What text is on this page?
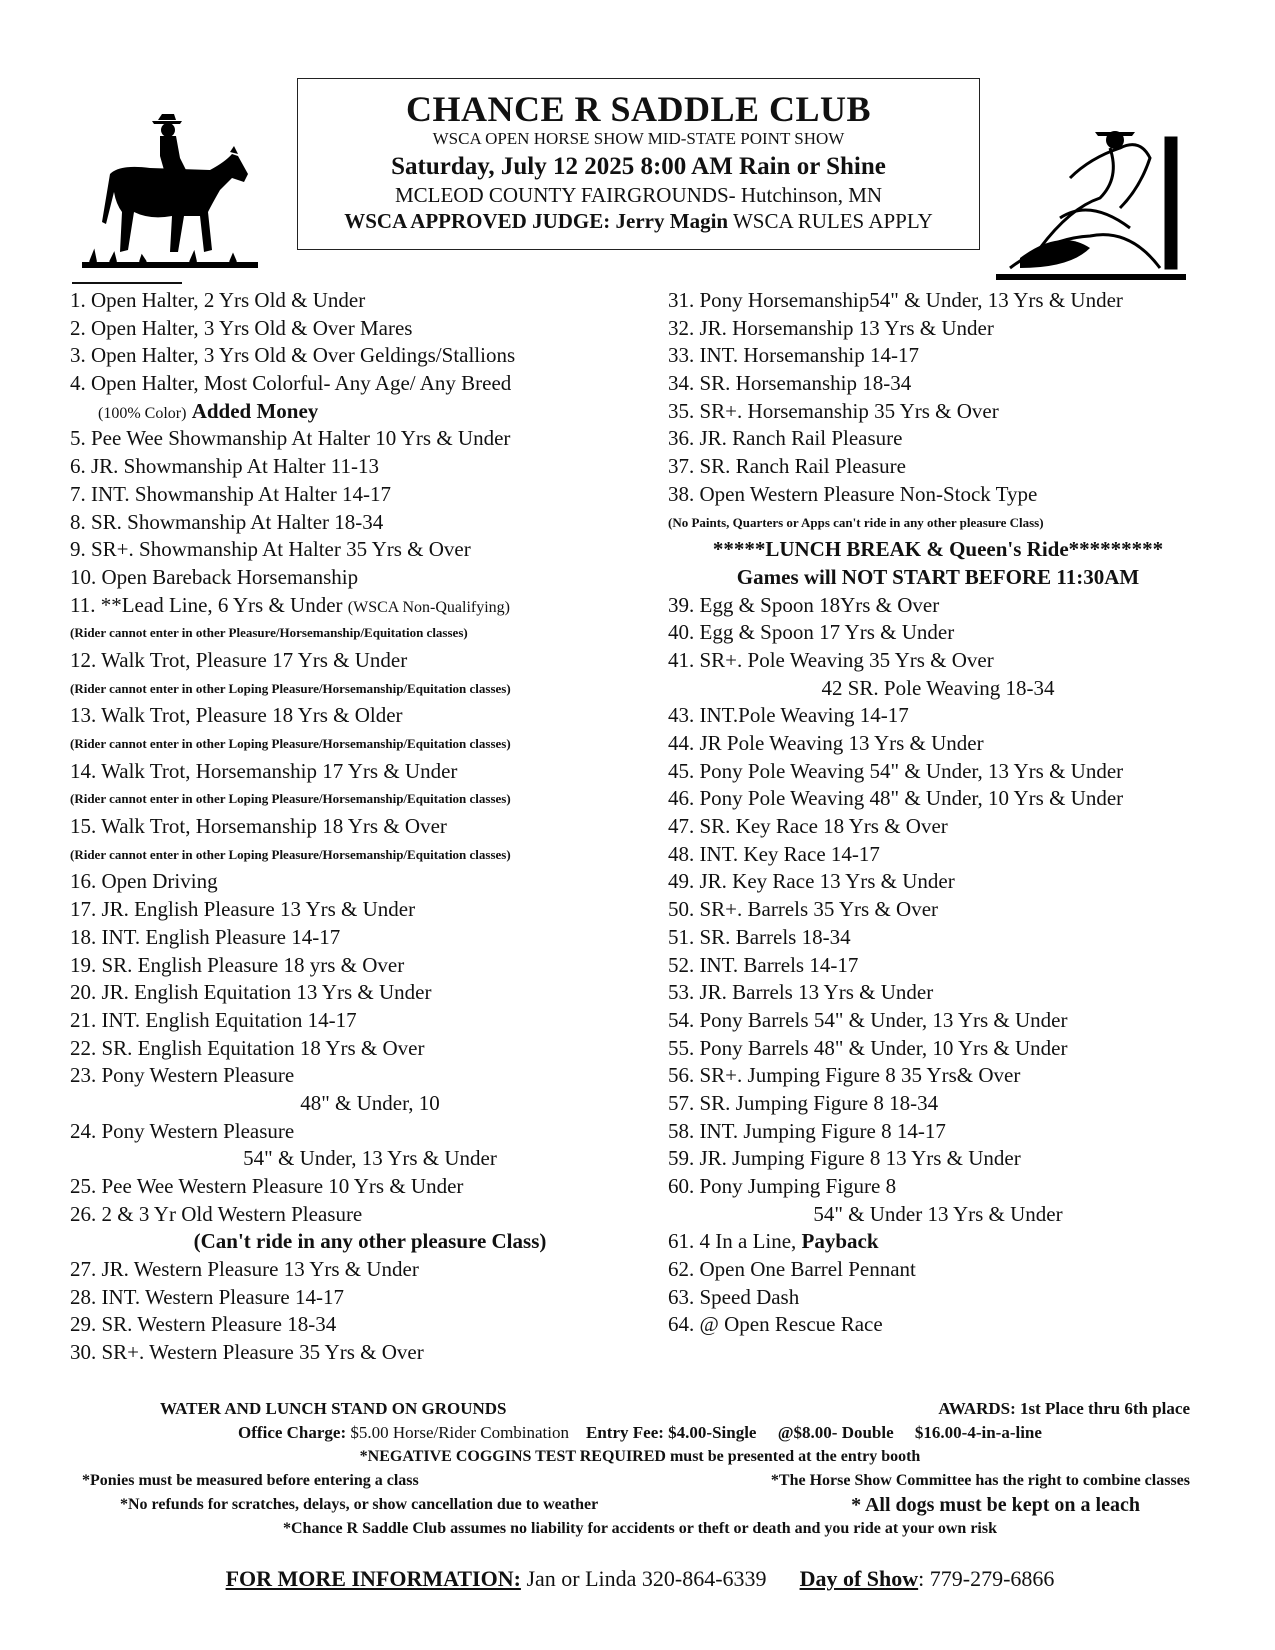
CHANCE R SADDLE CLUB
WSCA OPEN HORSE SHOW MID-STATE POINT SHOW
Saturday, July 12 2025 8:00 AM Rain or Shine
MCLEOD COUNTY FAIRGROUNDS- Hutchinson, MN
WSCA APPROVED JUDGE: Jerry Magin WSCA RULES APPLY
1. Open Halter, 2 Yrs Old & Under
2. Open Halter, 3 Yrs Old & Over Mares
3. Open Halter, 3 Yrs Old & Over Geldings/Stallions
4. Open Halter, Most Colorful- Any Age/ Any Breed
(100% Color) Added Money
5. Pee Wee Showmanship At Halter 10 Yrs & Under
6. JR. Showmanship At Halter 11-13
7. INT. Showmanship At Halter 14-17
8. SR. Showmanship At Halter 18-34
9. SR+. Showmanship At Halter 35 Yrs & Over
10. Open Bareback Horsemanship
11. **Lead Line, 6 Yrs & Under (WSCA Non-Qualifying)
(Rider cannot enter in other Pleasure/Horsemanship/Equitation classes)
12. Walk Trot, Pleasure 17 Yrs & Under
(Rider cannot enter in other Loping Pleasure/Horsemanship/Equitation classes)
13. Walk Trot, Pleasure 18 Yrs & Older
(Rider cannot enter in other Loping Pleasure/Horsemanship/Equitation classes)
14. Walk Trot, Horsemanship 17 Yrs & Under
(Rider cannot enter in other Loping Pleasure/Horsemanship/Equitation classes)
15. Walk Trot, Horsemanship 18 Yrs & Over
(Rider cannot enter in other Loping Pleasure/Horsemanship/Equitation classes)
16. Open Driving
17. JR. English Pleasure 13 Yrs & Under
18. INT. English Pleasure 14-17
19. SR. English Pleasure 18 yrs & Over
20. JR. English Equitation 13 Yrs & Under
21. INT. English Equitation 14-17
22. SR. English Equitation 18 Yrs & Over
23. Pony Western Pleasure
48" & Under, 10
24. Pony Western Pleasure
54" & Under, 13 Yrs & Under
25. Pee Wee Western Pleasure 10 Yrs & Under
26. 2 & 3 Yr Old Western Pleasure
(Can't ride in any other pleasure Class)
27. JR. Western Pleasure 13 Yrs & Under
28. INT. Western Pleasure 14-17
29. SR. Western Pleasure 18-34
30. SR+. Western Pleasure 35 Yrs & Over
31. Pony Horsemanship54" & Under, 13 Yrs & Under
32. JR. Horsemanship 13 Yrs & Under
33. INT. Horsemanship 14-17
34. SR. Horsemanship 18-34
35. SR+. Horsemanship 35 Yrs & Over
36. JR. Ranch Rail Pleasure
37. SR. Ranch Rail Pleasure
38. Open Western Pleasure Non-Stock Type
(No Paints, Quarters or Apps can't ride in any other pleasure Class)
*****LUNCH BREAK & Queen's Ride*********
Games will NOT START BEFORE 11:30AM
39. Egg & Spoon 18Yrs & Over
40. Egg & Spoon 17 Yrs & Under
41. SR+. Pole Weaving 35 Yrs & Over
42 SR. Pole Weaving 18-34
43. INT.Pole Weaving 14-17
44. JR Pole Weaving 13 Yrs & Under
45. Pony Pole Weaving 54" & Under, 13 Yrs & Under
46. Pony Pole Weaving 48" & Under, 10 Yrs & Under
47. SR. Key Race 18 Yrs & Over
48. INT. Key Race 14-17
49. JR. Key Race 13 Yrs & Under
50. SR+. Barrels 35 Yrs & Over
51. SR. Barrels 18-34
52. INT. Barrels 14-17
53. JR. Barrels 13 Yrs & Under
54. Pony Barrels 54" & Under, 13 Yrs & Under
55. Pony Barrels 48" & Under, 10 Yrs & Under
56. SR+. Jumping Figure 8 35 Yrs& Over
57. SR. Jumping Figure 8 18-34
58. INT. Jumping Figure 8 14-17
59. JR. Jumping Figure 8 13 Yrs & Under
60. Pony Jumping Figure 8
54" & Under 13 Yrs & Under
61. 4 In a Line, Payback
62. Open One Barrel Pennant
63. Speed Dash
64. @ Open Rescue Race
WATER AND LUNCH STAND ON GROUNDS	AWARDS: 1st Place thru 6th place
Office Charge: $5.00 Horse/Rider Combination Entry Fee: $4.00-Single @$8.00- Double $16.00-4-in-a-line
*NEGATIVE COGGINS TEST REQUIRED must be presented at the entry booth
*Ponies must be measured before entering a class	*The Horse Show Committee has the right to combine classes
*No refunds for scratches, delays, or show cancellation due to weather	* All dogs must be kept on a leach
*Chance R Saddle Club assumes no liability for accidents or theft or death and you ride at your own risk
FOR MORE INFORMATION: Jan or Linda 320-864-6339 Day of Show: 779-279-6866
